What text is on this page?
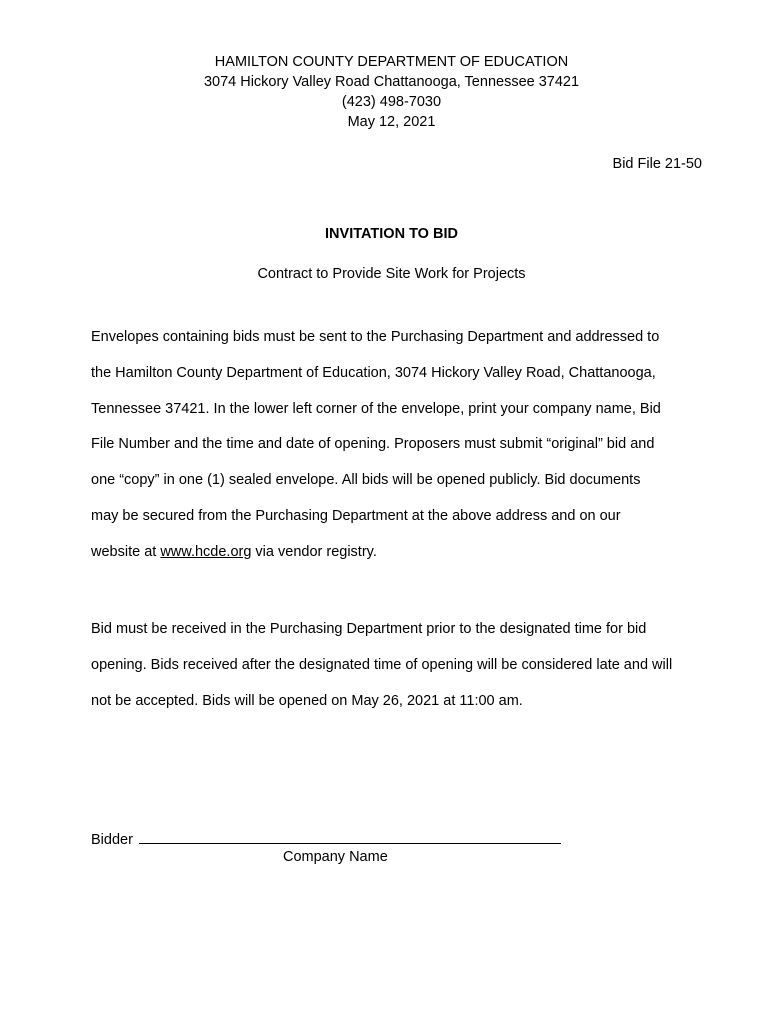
HAMILTON COUNTY DEPARTMENT OF EDUCATION
3074 Hickory Valley Road Chattanooga, Tennessee 37421
(423) 498-7030
May 12, 2021
Bid File 21-50
INVITATION TO BID
Contract to Provide Site Work for Projects
Envelopes containing bids must be sent to the Purchasing Department and addressed to
the Hamilton County Department of Education, 3074 Hickory Valley Road, Chattanooga,
Tennessee 37421. In the lower left corner of the envelope, print your company name, Bid
File Number and the time and date of opening. Proposers must submit “original” bid and
one “copy” in one (1) sealed envelope. All bids will be opened publicly. Bid documents
may be secured from the Purchasing Department at the above address and on our
website at www.hcde.org via vendor registry.
Bid must be received in the Purchasing Department prior to the designated time for bid
opening. Bids received after the designated time of opening will be considered late and will
not be accepted. Bids will be opened on May 26, 2021 at 11:00 am.
Bidder
Company Name
